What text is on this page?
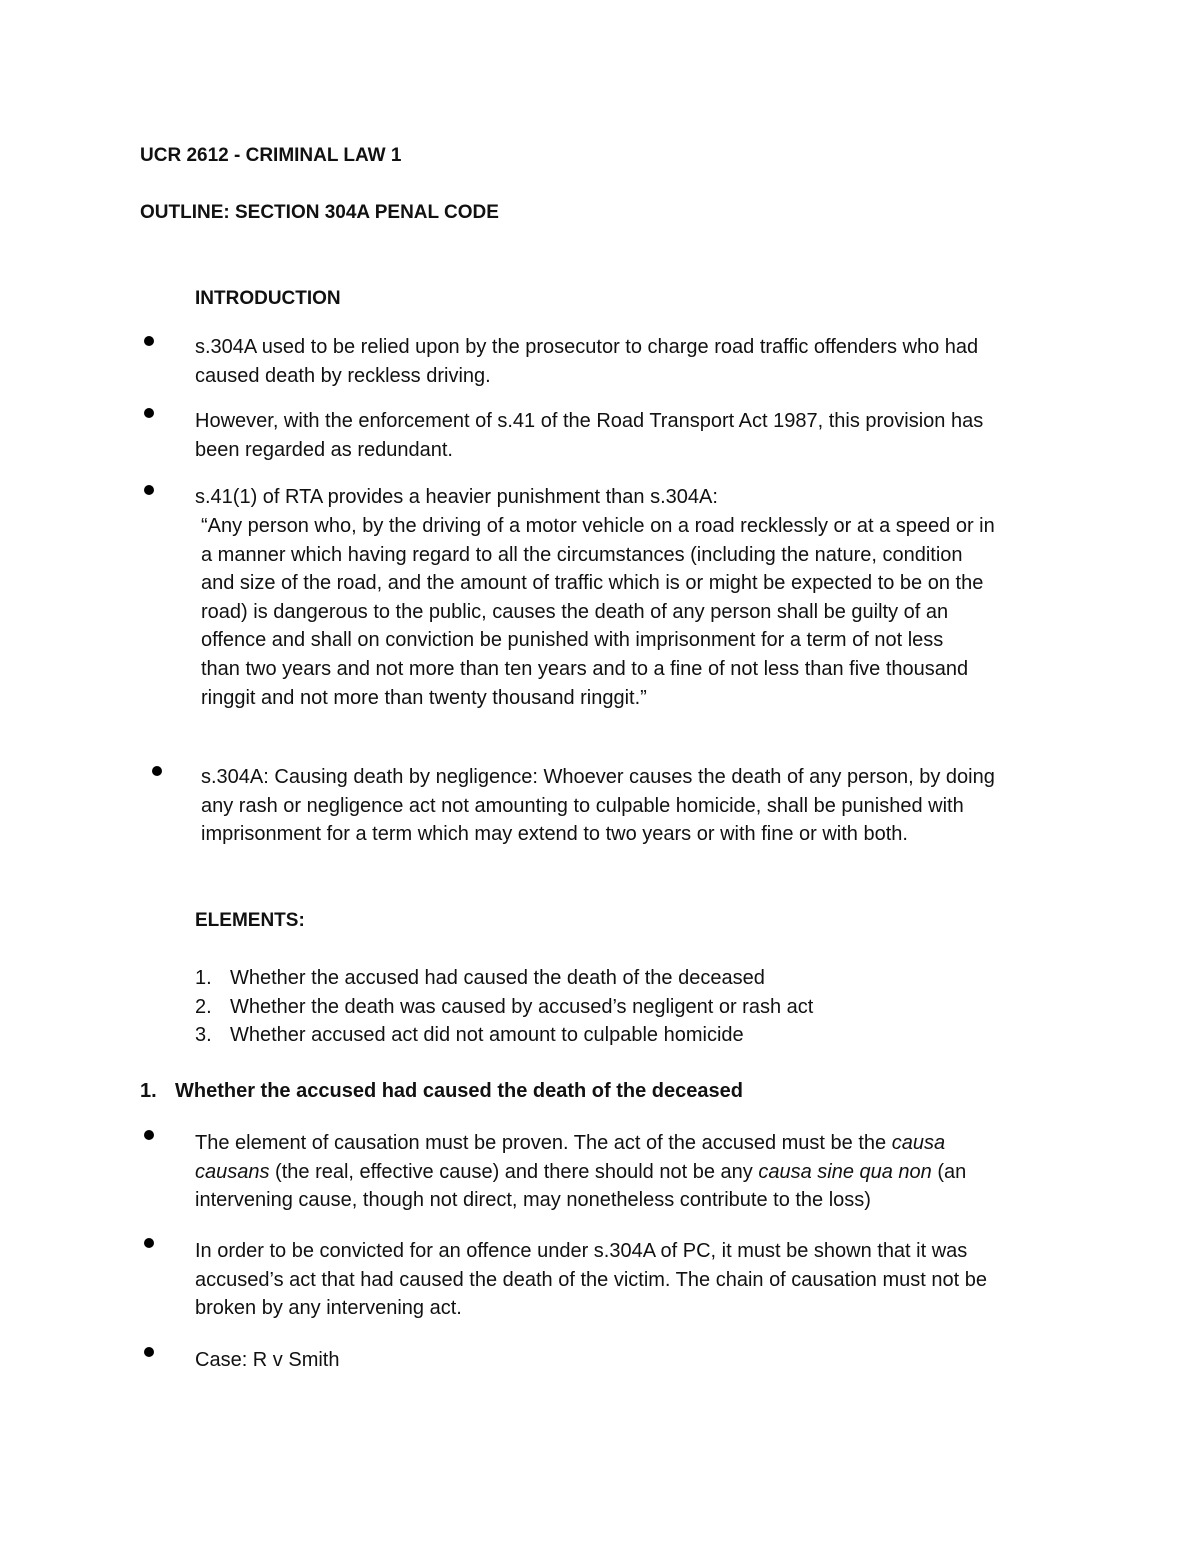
UCR 2612 - CRIMINAL LAW 1
OUTLINE: SECTION 304A PENAL CODE
INTRODUCTION
s.304A used to be relied upon by the prosecutor to charge road traffic offenders who had
caused death by reckless driving.
However, with the enforcement of s.41 of the Road Transport Act 1987, this provision has
been regarded as redundant.
s.41(1) of RTA provides a heavier punishment than s.304A:
“Any person who, by the driving of a motor vehicle on a road recklessly or at a speed or in
a manner which having regard to all the circumstances (including the nature, condition
and size of the road, and the amount of traffic which is or might be expected to be on the
road) is dangerous to the public, causes the death of any person shall be guilty of an
offence and shall on conviction be punished with imprisonment for a term of not less
than two years and not more than ten years and to a fine of not less than five thousand
ringgit and not more than twenty thousand ringgit.”
s.304A: Causing death by negligence: Whoever causes the death of any person, by doing
any rash or negligence act not amounting to culpable homicide, shall be punished with
imprisonment for a term which may extend to two years or with fine or with both.
ELEMENTS:
1. Whether the accused had caused the death of the deceased
2. Whether the death was caused by accused’s negligent or rash act
3. Whether accused act did not amount to culpable homicide
1. Whether the accused had caused the death of the deceased
The element of causation must be proven. The act of the accused must be the causa
causans (the real, effective cause) and there should not be any causa sine qua non (an
intervening cause, though not direct, may nonetheless contribute to the loss)
In order to be convicted for an offence under s.304A of PC, it must be shown that it was
accused’s act that had caused the death of the victim. The chain of causation must not be
broken by any intervening act.
Case: R v Smith
